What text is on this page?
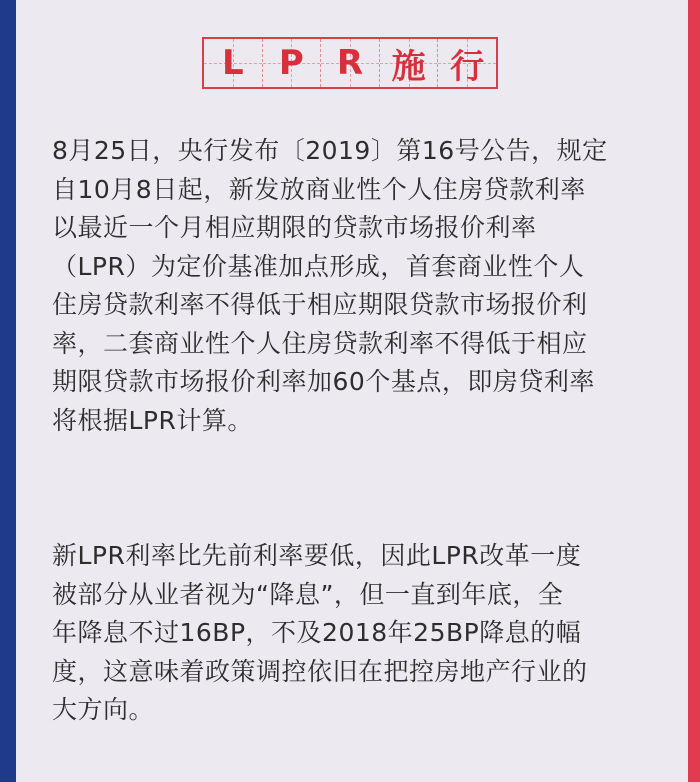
L P R 施 行
8月25日，央行发布〔2019〕第16号公告，规定
自10月8日起，新发放商业性个人住房贷款利率
以最近一个月相应期限的贷款市场报价利率
（LPR）为定价基准加点形成，首套商业性个人
住房贷款利率不得低于相应期限贷款市场报价利
率，二套商业性个人住房贷款利率不得低于相应
期限贷款市场报价利率加60个基点，即房贷利率
将根据LPR计算。
新LPR利率比先前利率要低，因此LPR改革一度
被部分从业者视为“降息”，但一直到年底，全
年降息不过16BP，不及2018年25BP降息的幅
度，这意味着政策调控依旧在把控房地产行业的
大方向。
